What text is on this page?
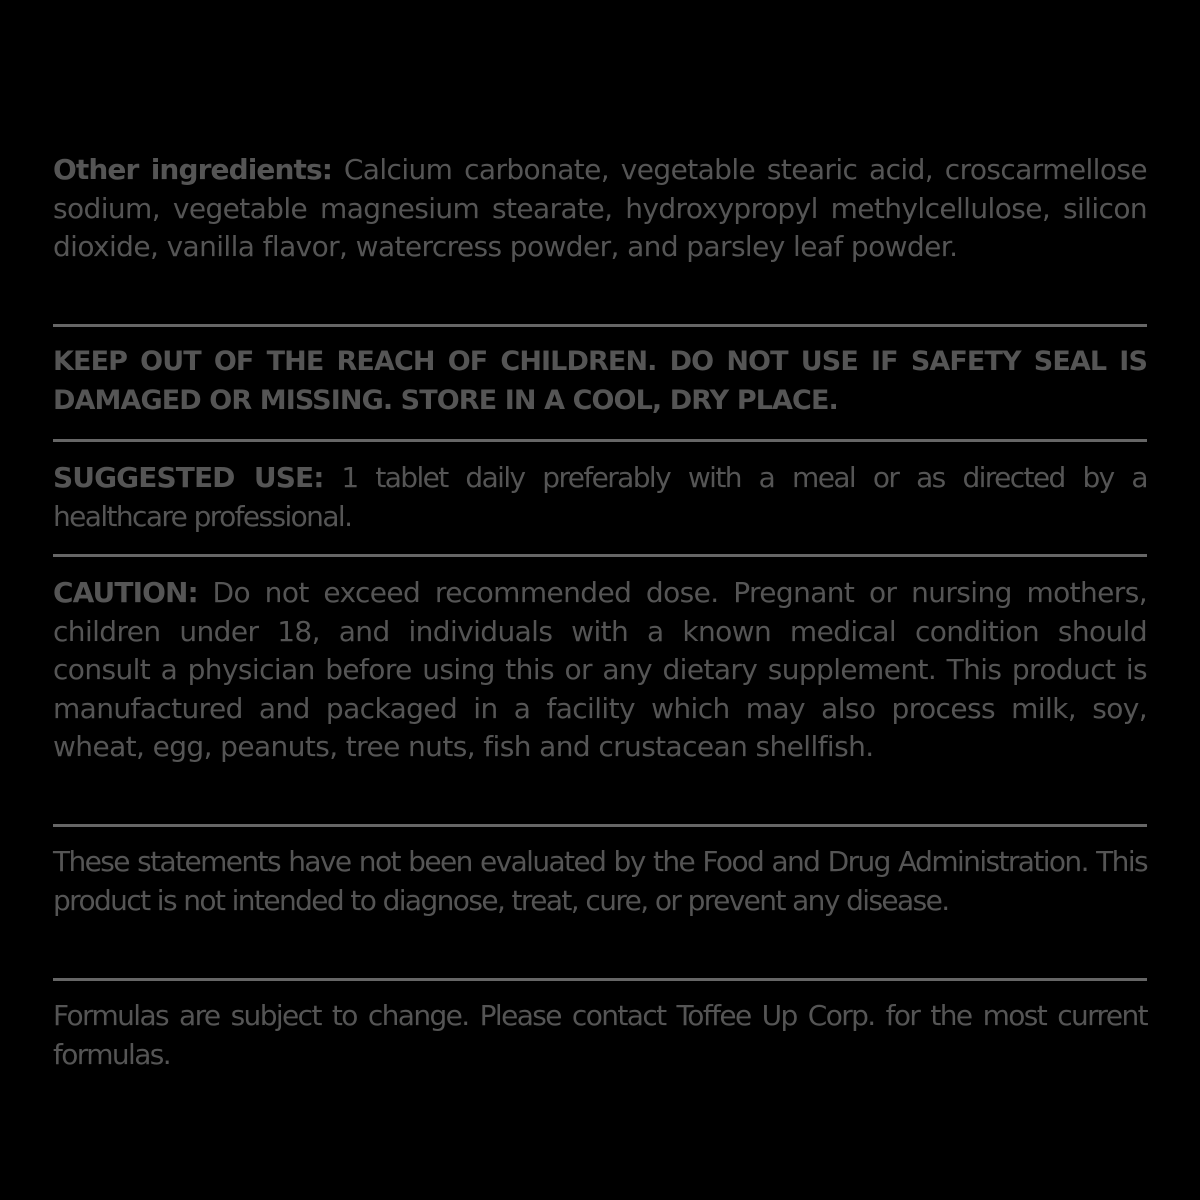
Other ingredients: Calcium carbonate, vegetable stearic acid, croscarmellose sodium, vegetable magnesium stearate, hydroxypropyl methylcellulose, silicon dioxide, vanilla flavor, watercress powder, and parsley leaf powder.

KEEP OUT OF THE REACH OF CHILDREN. DO NOT USE IF SAFETY SEAL IS DAMAGED OR MISSING. STORE IN A COOL, DRY PLACE.

SUGGESTED USE: 1 tablet daily preferably with a meal or as directed by a healthcare professional.

CAUTION: Do not exceed recommended dose. Pregnant or nursing mothers, children under 18, and individuals with a known medical condition should consult a physician before using this or any dietary supplement. This product is manufactured and packaged in a facility which may also process milk, soy, wheat, egg, peanuts, tree nuts, fish and crustacean shellfish.

These statements have not been evaluated by the Food and Drug Administration. This product is not intended to diagnose, treat, cure, or prevent any disease.

Formulas are subject to change. Please contact Toffee Up Corp. for the most current formulas.
